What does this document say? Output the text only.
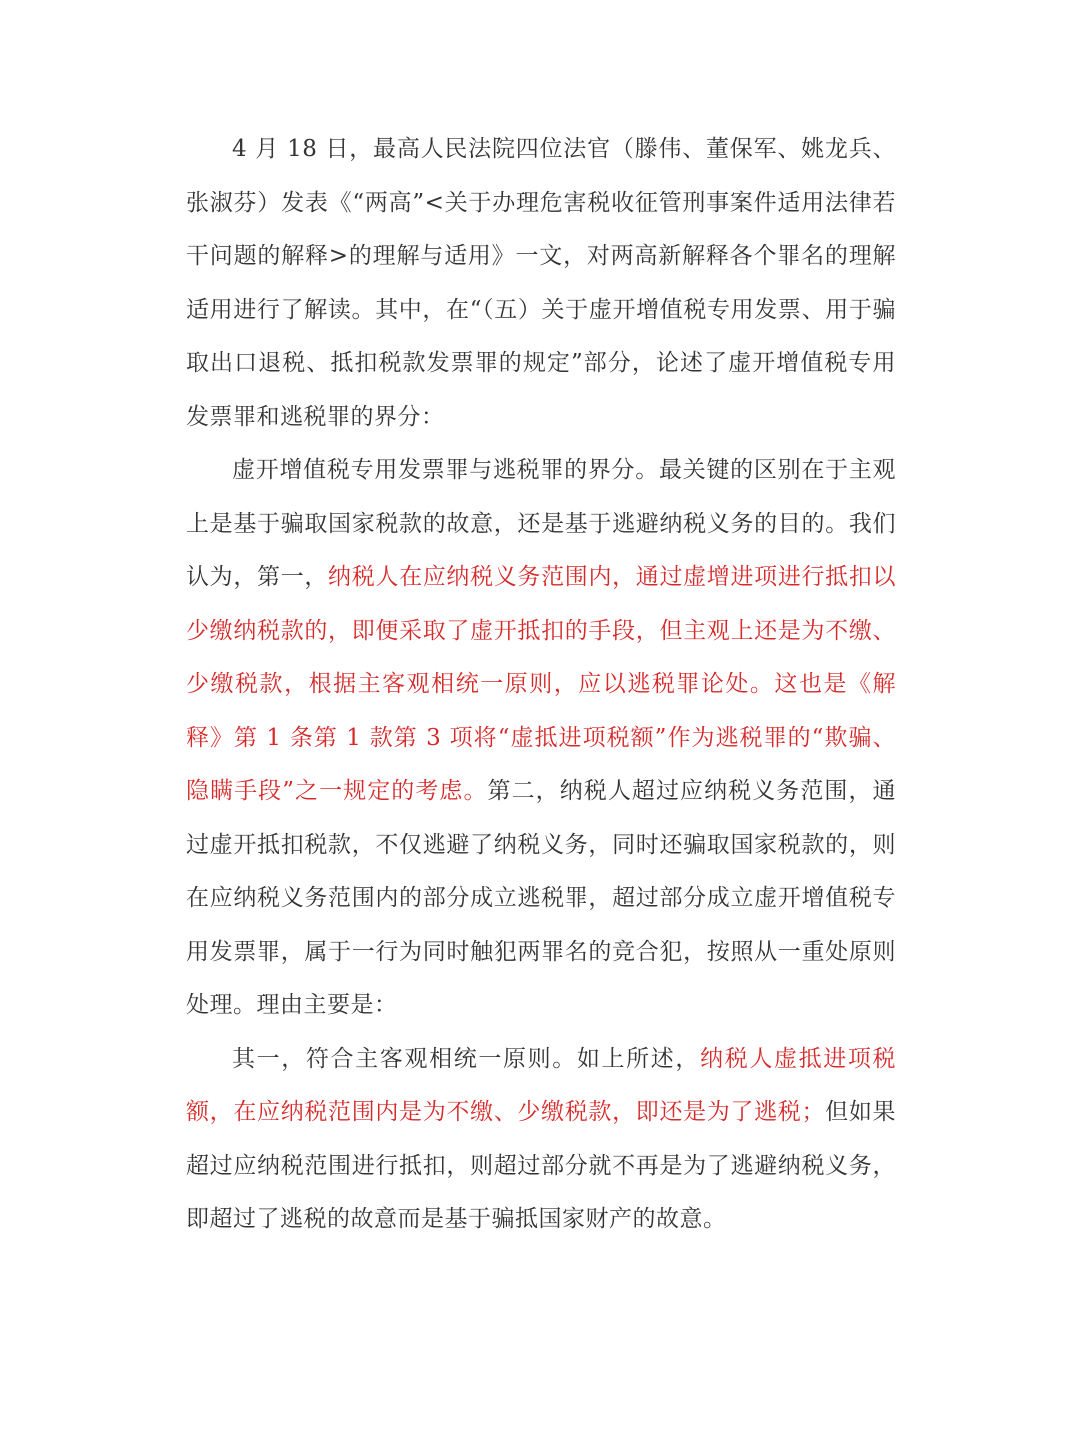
4 月 18 日，最高人民法院四位法官（滕伟、董保军、姚龙兵、张淑芬）发表《“两高”<关于办理危害税收征管刑事案件适用法律若干问题的解释>的理解与适用》一文，对两高新解释各个罪名的理解适用进行了解读。其中，在“（五）关于虚开增值税专用发票、用于骗取出口退税、抵扣税款发票罪的规定”部分，论述了虚开增值税专用发票罪和逃税罪的界分：

虚开增值税专用发票罪与逃税罪的界分。最关键的区别在于主观上是基于骗取国家税款的故意，还是基于逃避纳税义务的目的。我们认为，第一，纳税人在应纳税义务范围内，通过虚增进项进行抵扣以少缴纳税款的，即便采取了虚开抵扣的手段，但主观上还是为不缴、少缴税款，根据主客观相统一原则，应以逃税罪论处。这也是《解释》第 1 条第 1 款第 3 项将“虚抵进项税额”作为逃税罪的“欺骗、隐瞒手段”之一规定的考虑。第二，纳税人超过应纳税义务范围，通过虚开抵扣税款，不仅逃避了纳税义务，同时还骗取国家税款的，则在应纳税义务范围内的部分成立逃税罪，超过部分成立虚开增值税专用发票罪，属于一行为同时触犯两罪名的竞合犯，按照从一重处原则处理。理由主要是：

其一，符合主客观相统一原则。如上所述，纳税人虚抵进项税额，在应纳税范围内是为不缴、少缴税款，即还是为了逃税；但如果超过应纳税范围进行抵扣，则超过部分就不再是为了逃避纳税义务，即超过了逃税的故意而是基于骗抵国家财产的故意。
